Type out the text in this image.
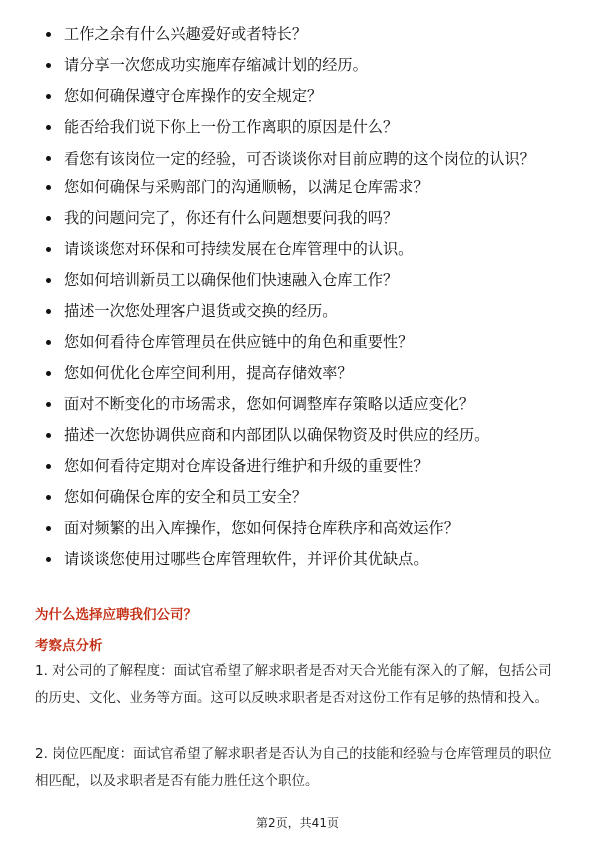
工作之余有什么兴趣爱好或者特长？
请分享一次您成功实施库存缩减计划的经历。
您如何确保遵守仓库操作的安全规定？
能否给我们说下你上一份工作离职的原因是什么？
看您有该岗位一定的经验，可否谈谈你对目前应聘的这个岗位的认识？
您如何确保与采购部门的沟通顺畅，以满足仓库需求？
我的问题问完了，你还有什么问题想要问我的吗？
请谈谈您对环保和可持续发展在仓库管理中的认识。
您如何培训新员工以确保他们快速融入仓库工作？
描述一次您处理客户退货或交换的经历。
您如何看待仓库管理员在供应链中的角色和重要性？
您如何优化仓库空间利用，提高存储效率？
面对不断变化的市场需求，您如何调整库存策略以适应变化？
描述一次您协调供应商和内部团队以确保物资及时供应的经历。
您如何看待定期对仓库设备进行维护和升级的重要性？
您如何确保仓库的安全和员工安全？
面对频繁的出入库操作，您如何保持仓库秩序和高效运作？
请谈谈您使用过哪些仓库管理软件，并评价其优缺点。
为什么选择应聘我们公司？
考察点分析
1. 对公司的了解程度：面试官希望了解求职者是否对天合光能有深入的了解，包括公司的历史、文化、业务等方面。这可以反映求职者是否对这份工作有足够的热情和投入。
2. 岗位匹配度：面试官希望了解求职者是否认为自己的技能和经验与仓库管理员的职位相匹配，以及求职者是否有能力胜任这个职位。
第2页，共41页
